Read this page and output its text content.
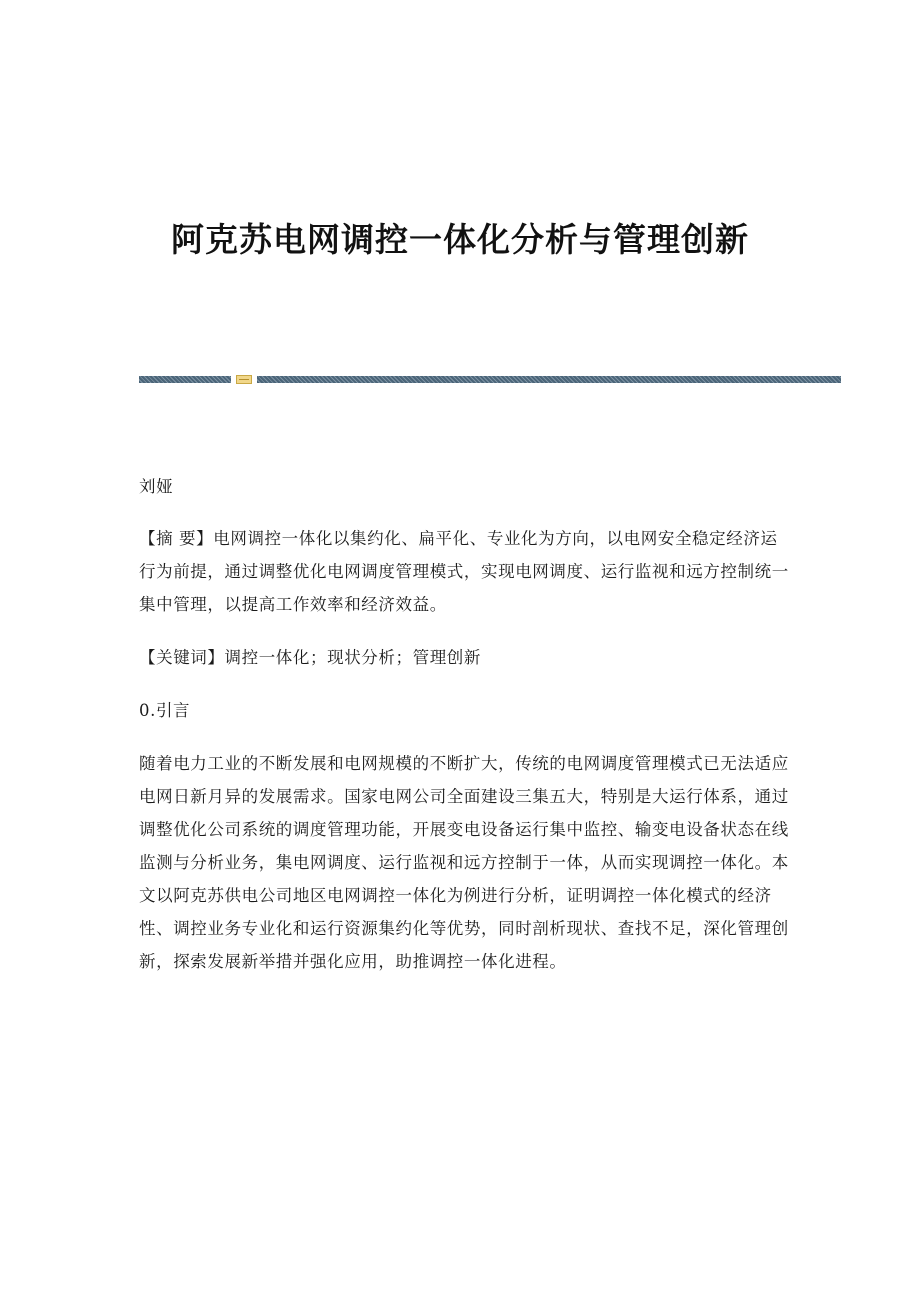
阿克苏电网调控一体化分析与管理创新

刘娅

【摘 要】电网调控一体化以集约化、扁平化、专业化为方向，以电网安全稳定经济运行为前提，通过调整优化电网调度管理模式，实现电网调度、运行监视和远方控制统一集中管理，以提高工作效率和经济效益。

【关键词】调控一体化；现状分析；管理创新

0.引言

随着电力工业的不断发展和电网规模的不断扩大，传统的电网调度管理模式已无法适应电网日新月异的发展需求。国家电网公司全面建设三集五大，特别是大运行体系，通过调整优化公司系统的调度管理功能，开展变电设备运行集中监控、输变电设备状态在线监测与分析业务，集电网调度、运行监视和远方控制于一体，从而实现调控一体化。本文以阿克苏供电公司地区电网调控一体化为例进行分析，证明调控一体化模式的经济性、调控业务专业化和运行资源集约化等优势，同时剖析现状、查找不足，深化管理创新，探索发展新举措并强化应用，助推调控一体化进程。
